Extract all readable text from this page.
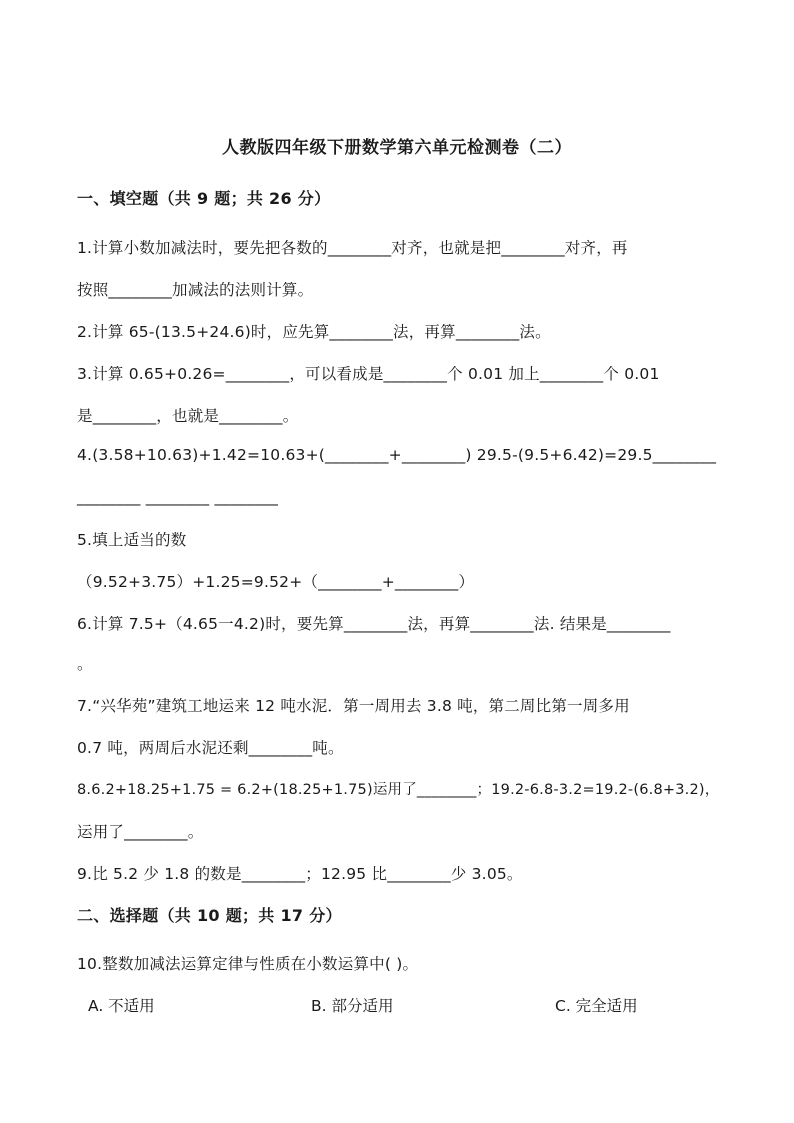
人教版四年级下册数学第六单元检测卷（二）
一、填空题（共 9 题；共 26 分）
1.计算小数加减法时，要先把各数的________对齐，也就是把________对齐，再
按照________加减法的法则计算。
2.计算 65-(13.5+24.6)时，应先算________法，再算________法。
3.计算 0.65+0.26=________，可以看成是________个 0.01 加上________个 0.01
是________，也就是________。
4.(3.58+10.63)+1.42=10.63+(________+________) 29.5-(9.5+6.42)=29.5________
________ ________ ________
5.填上适当的数
（9.52+3.75）+1.25=9.52+（________+________）
6.计算 7.5+（4.65一4.2)时，要先算________法，再算________法. 结果是________
。
7.“兴华苑”建筑工地运来 12 吨水泥．第一周用去 3.8 吨，第二周比第一周多用
0.7 吨，两周后水泥还剩________吨。
8.6.2+18.25+1.75 = 6.2+(18.25+1.75)运用了________；19.2-6.8-3.2=19.2-(6.8+3.2)，
运用了________。
9.比 5.2 少 1.8 的数是________；12.95 比________少 3.05。
二、选择题（共 10 题；共 17 分）
10.整数加减法运算定律与性质在小数运算中( )。
A. 不适用	B. 部分适用	C. 完全适用
